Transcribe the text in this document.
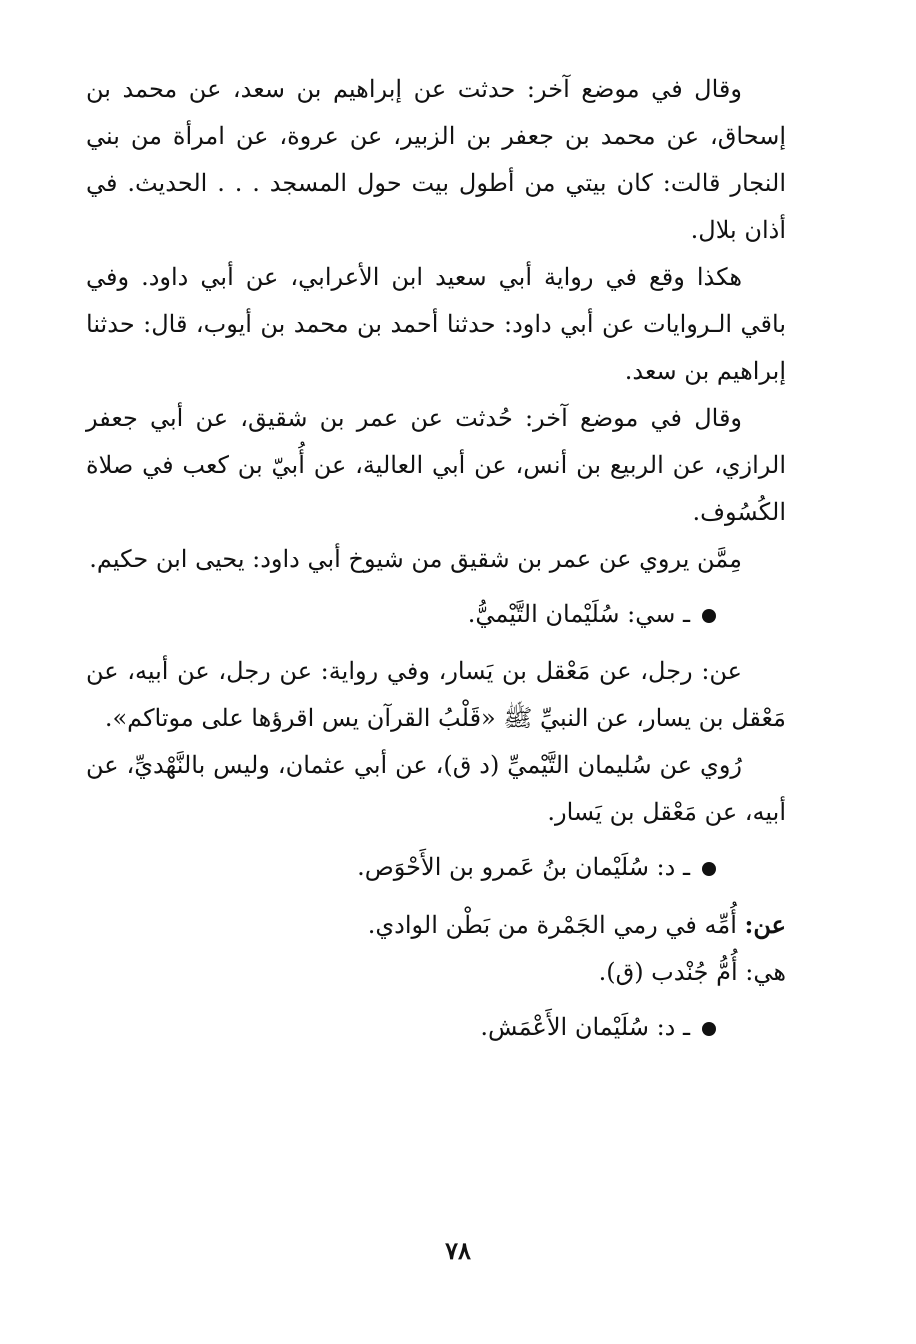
وقال في موضع آخر: حدثت عن إبراهيم بن سعد، عن محمد بن إسحاق، عن محمد بن جعفر بن الزبير، عن عروة، عن امرأة من بني النجار قالت: كان بيتي من أطول بيت حول المسجد . . . الحديث. في أذان بلال.

هكذا وقع في رواية أبي سعيد ابن الأعرابي، عن أبي داود. وفي باقي الـروايات عن أبي داود: حدثنا أحمد بن محمد بن أيوب، قال: حدثنا إبراهيم بن سعد.

وقال في موضع آخر: حُدثت عن عمر بن شقيق، عن أبي جعفر الرازي، عن الربيع بن أنس، عن أبي العالية، عن أُبيّ بن كعب في صلاة الكُسُوف.

مِمَّن يروي عن عمر بن شقيق من شيوخ أبي داود: يحيى ابن حكيم.

ـ سي: سُلَيْمان التَّيْميُّ.

عن: رجل، عن مَعْقل بن يَسار، وفي رواية: عن رجل، عن أبيه، عن مَعْقل بن يسار، عن النبيِّ ﷺ «قَلْبُ القرآن يس اقرؤها على موتاكم».

رُوي عن سُليمان التَّيْميِّ (د ق)، عن أبي عثمان، وليس بالنَّهْديِّ، عن أبيه، عن مَعْقل بن يَسار.

ـ د: سُلَيْمان بنُ عَمرو بن الأَحْوَص.

عن: أُمِّه في رمي الجَمْرة من بَطْن الوادي.

هي: أُمُّ جُنْدب (ق).

ـ د: سُلَيْمان الأَعْمَش.

٧٨
